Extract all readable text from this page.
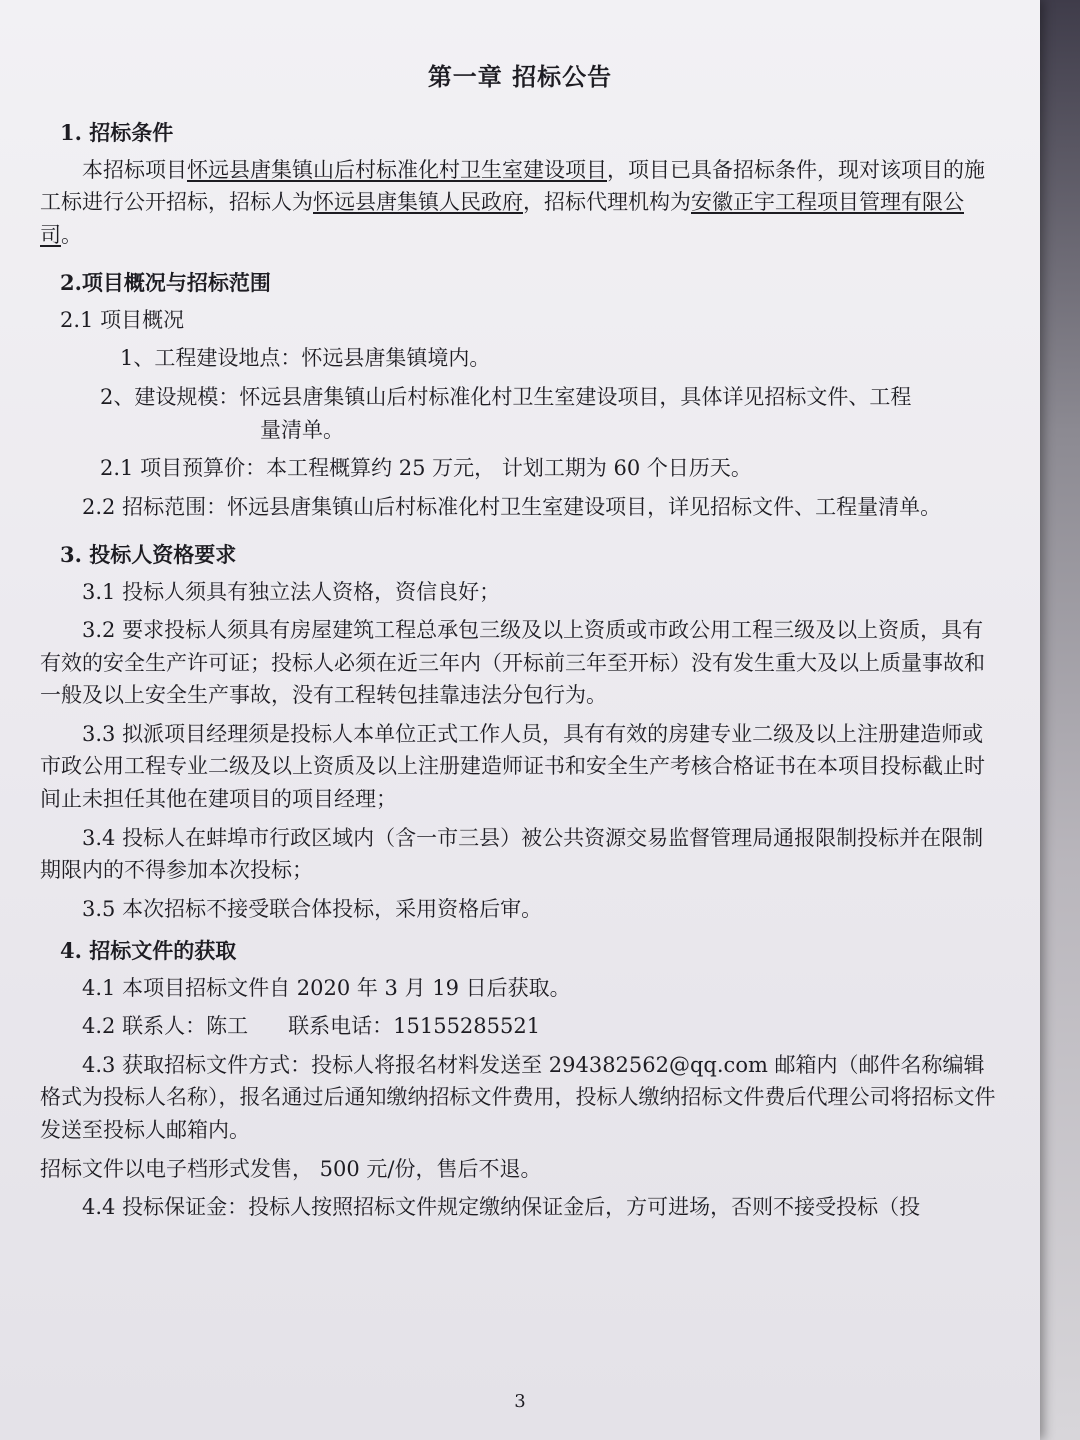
第一章 招标公告
1. 招标条件
本招标项目怀远县唐集镇山后村标准化村卫生室建设项目，项目已具备招标条件，现对该项目的施工标进行公开招标，招标人为怀远县唐集镇人民政府，招标代理机构为安徽正宇工程项目管理有限公司。
2.项目概况与招标范围
2.1 项目概况
1、工程建设地点：怀远县唐集镇境内。
2、建设规模：怀远县唐集镇山后村标准化村卫生室建设项目，具体详见招标文件、工程
量清单。
2.1 项目预算价：本工程概算约 25 万元， 计划工期为 60 个日历天。
2.2 招标范围：怀远县唐集镇山后村标准化村卫生室建设项目，详见招标文件、工程量清单。
3. 投标人资格要求
3.1 投标人须具有独立法人资格，资信良好；
3.2 要求投标人须具有房屋建筑工程总承包三级及以上资质或市政公用工程三级及以上资质，具有有效的安全生产许可证；投标人必须在近三年内（开标前三年至开标）没有发生重大及以上质量事故和一般及以上安全生产事故，没有工程转包挂靠违法分包行为。
3.3 拟派项目经理须是投标人本单位正式工作人员，具有有效的房建专业二级及以上注册建造师或市政公用工程专业二级及以上资质及以上注册建造师证书和安全生产考核合格证书在本项目投标截止时间止未担任其他在建项目的项目经理；
3.4 投标人在蚌埠市行政区域内（含一市三县）被公共资源交易监督管理局通报限制投标并在限制期限内的不得参加本次投标；
3.5 本次招标不接受联合体投标，采用资格后审。
4. 招标文件的获取
4.1 本项目招标文件自 2020 年 3 月 19 日后获取。
4.2 联系人：陈工      联系电话：15155285521
4.3 获取招标文件方式：投标人将报名材料发送至 294382562@qq.com 邮箱内（邮件名称编辑格式为投标人名称），报名通过后通知缴纳招标文件费用，投标人缴纳招标文件费后代理公司将招标文件发送至投标人邮箱内。
招标文件以电子档形式发售， 500 元/份，售后不退。
4.4 投标保证金：投标人按照招标文件规定缴纳保证金后，方可进场，否则不接受投标（投
3
